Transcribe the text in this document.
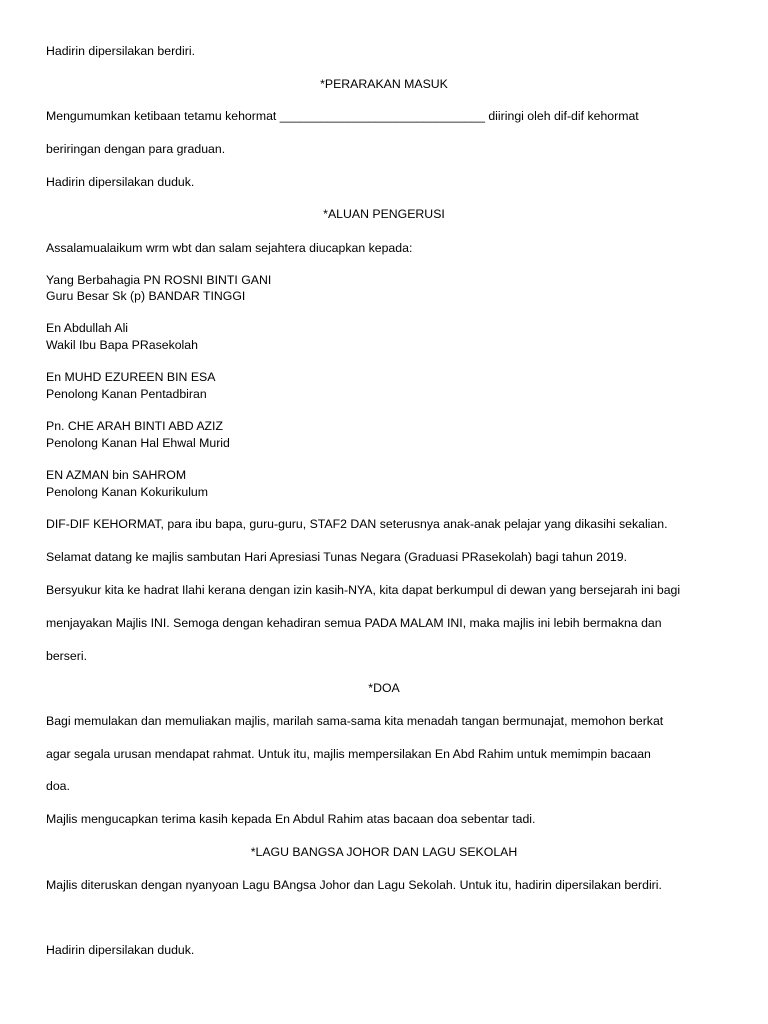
Hadirin dipersilakan berdiri.
*PERARAKAN MASUK
Mengumumkan ketibaan tetamu kehormat ______________________________ diiringi oleh dif-dif kehormat
beriringan dengan para graduan.
Hadirin dipersilakan duduk.
*ALUAN PENGERUSI
Assalamualaikum wrm wbt dan salam sejahtera diucapkan kepada:
Yang Berbahagia PN ROSNI BINTI GANI
Guru Besar Sk (p) BANDAR TINGGI
En Abdullah Ali
Wakil Ibu Bapa PRasekolah
En MUHD EZUREEN BIN ESA
Penolong Kanan Pentadbiran
Pn. CHE ARAH BINTI ABD AZIZ
Penolong Kanan Hal Ehwal Murid
EN AZMAN bin SAHROM
Penolong Kanan Kokurikulum
DIF-DIF KEHORMAT, para ibu bapa, guru-guru, STAF2 DAN seterusnya anak-anak pelajar yang dikasihi sekalian.
Selamat datang ke majlis sambutan Hari Apresiasi Tunas Negara (Graduasi PRasekolah) bagi tahun 2019.
Bersyukur kita ke hadrat Ilahi kerana dengan izin kasih-NYA, kita dapat berkumpul di dewan yang bersejarah ini bagi
menjayakan Majlis INI. Semoga dengan kehadiran semua PADA MALAM INI, maka majlis ini lebih bermakna dan
berseri.
*DOA
Bagi memulakan dan memuliakan majlis, marilah sama-sama kita menadah tangan bermunajat, memohon berkat
agar segala urusan mendapat rahmat. Untuk itu, majlis mempersilakan En Abd Rahim untuk memimpin bacaan
doa.
Majlis mengucapkan terima kasih kepada En Abdul Rahim atas bacaan doa sebentar tadi.
*LAGU BANGSA JOHOR DAN LAGU SEKOLAH
Majlis diteruskan dengan nyanyoan Lagu BAngsa Johor dan Lagu Sekolah. Untuk itu, hadirin dipersilakan berdiri.
Hadirin dipersilakan duduk.
